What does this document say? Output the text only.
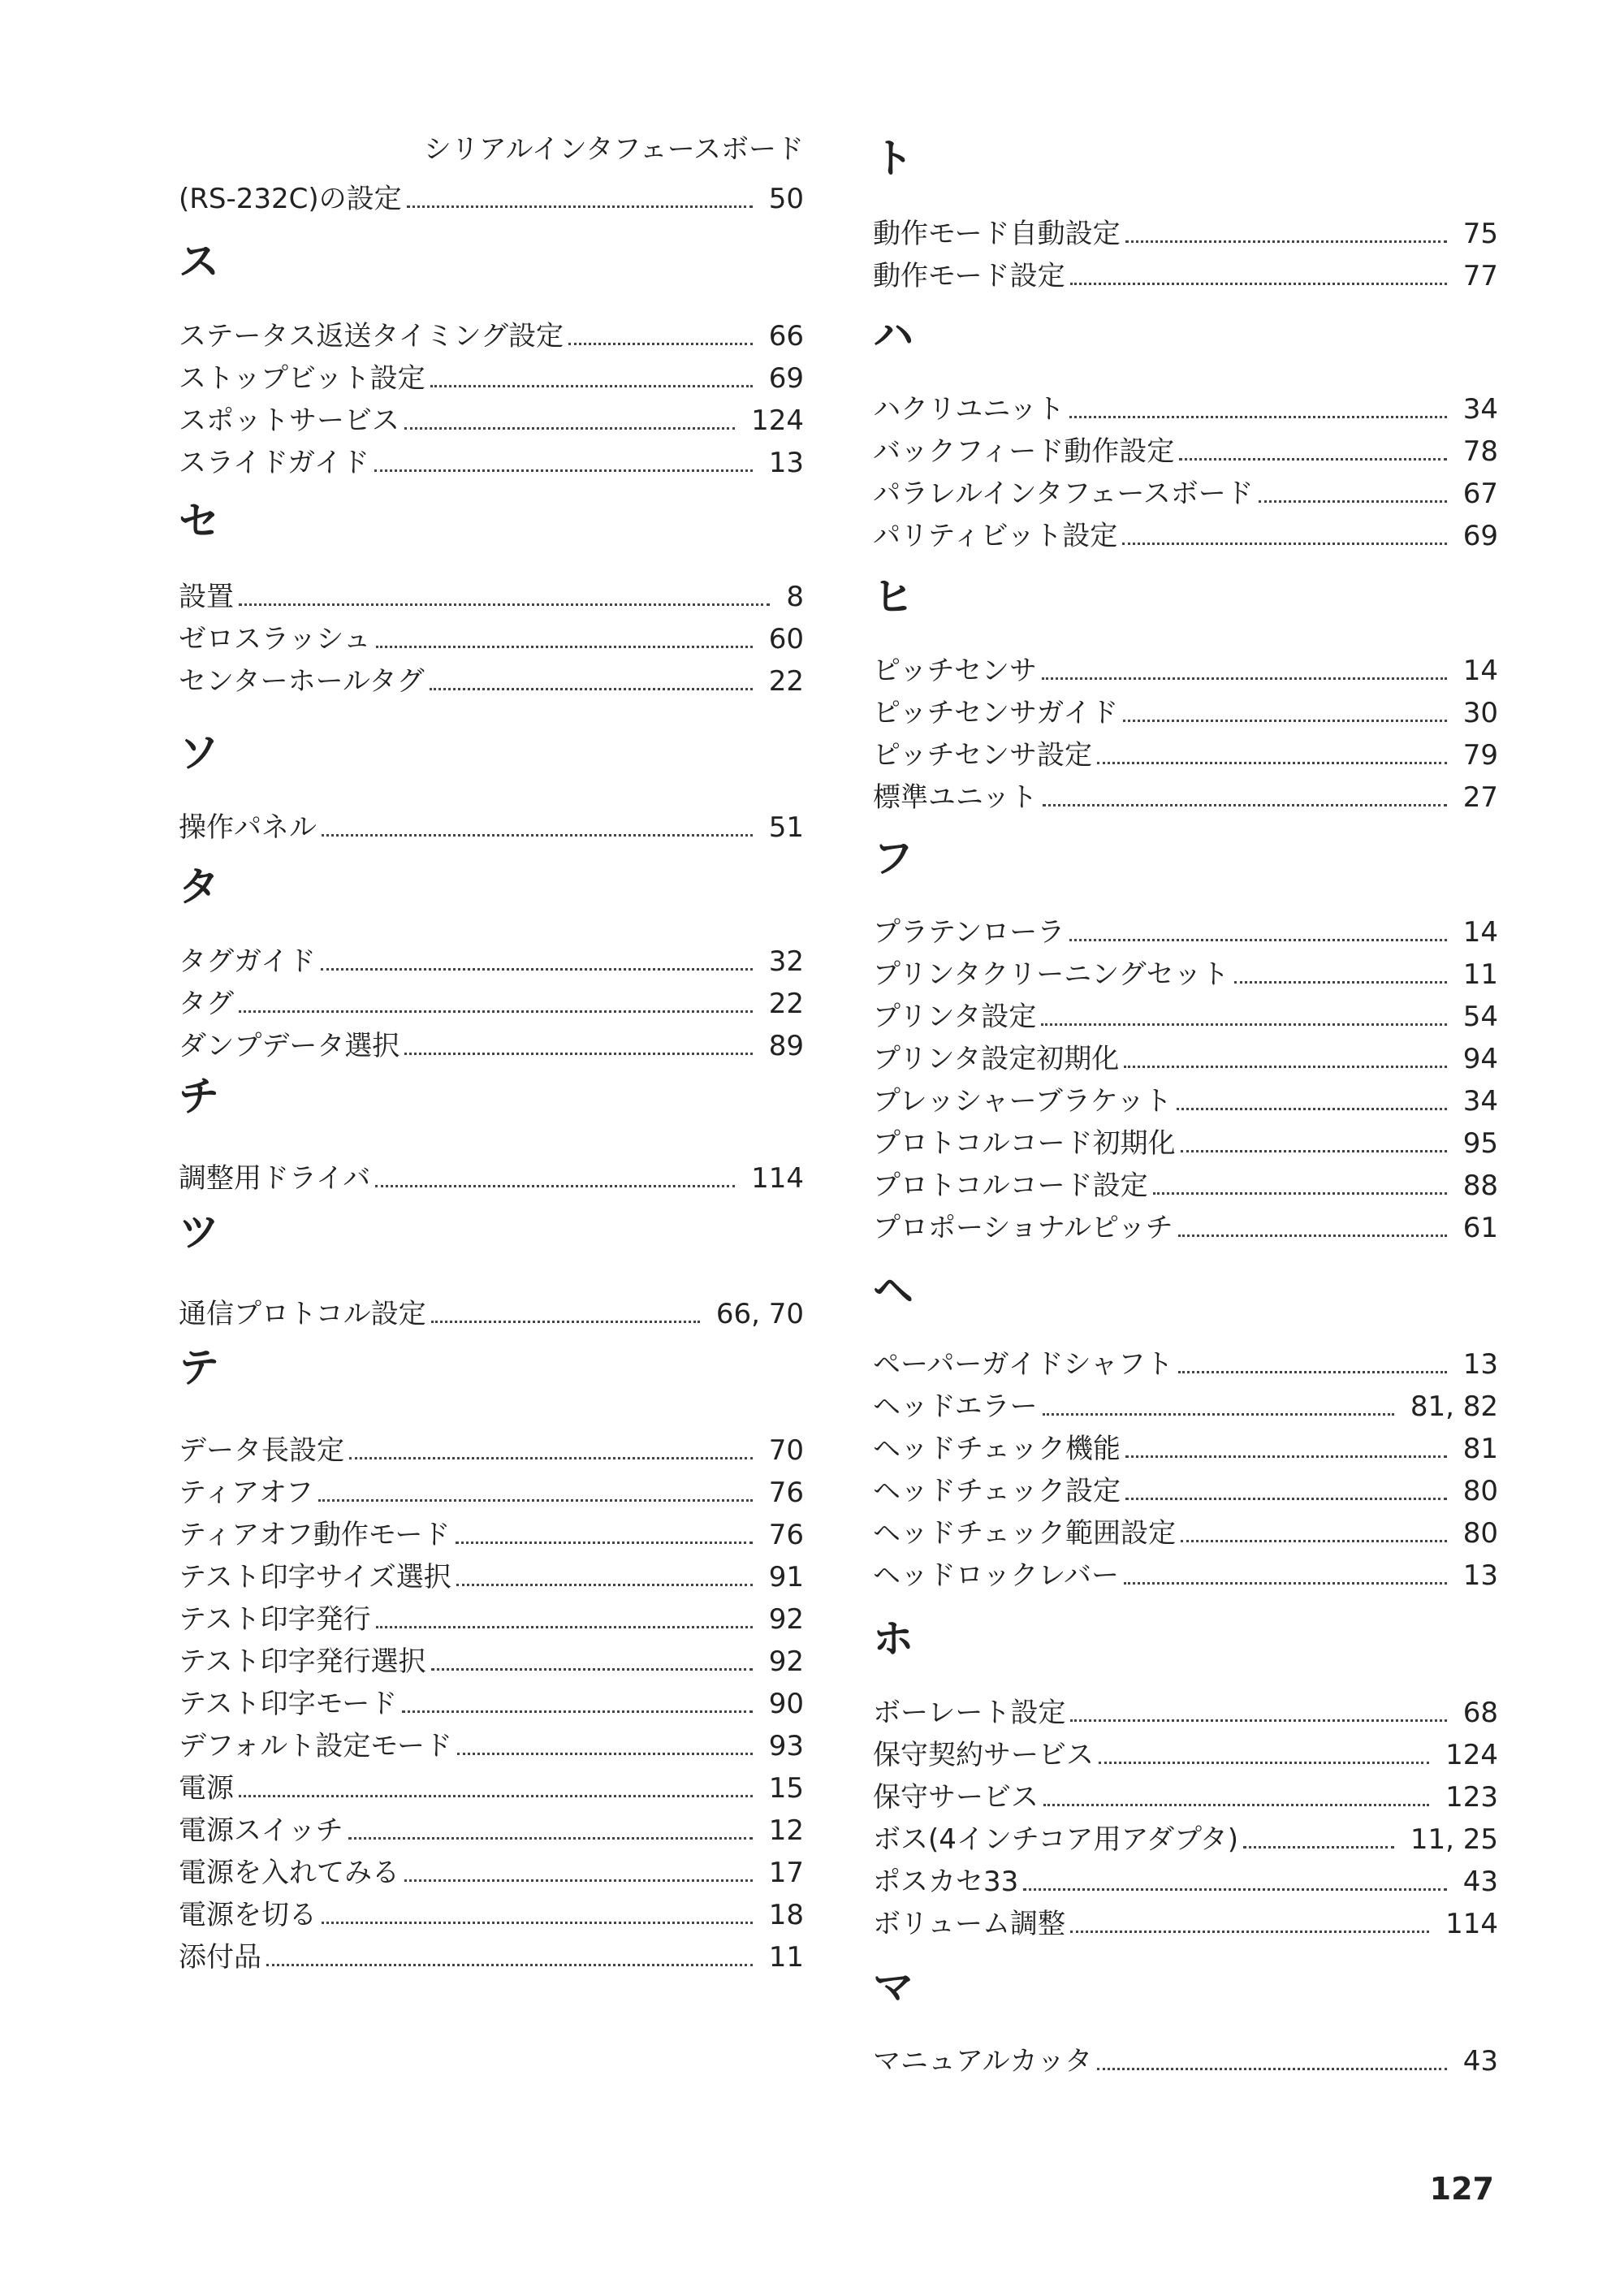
シリアルインタフェースボード
(RS-232C)の設定	50
ス
ステータス返送タイミング設定	66
ストップビット設定	69
スポットサービス	124
スライドガイド	13
セ
設置	8
ゼロスラッシュ	60
センターホールタグ	22
ソ
操作パネル	51
タ
タグガイド	32
タグ	22
ダンプデータ選択	89
チ
調整用ドライバ	114
ツ
通信プロトコル設定	66, 70
テ
データ長設定	70
ティアオフ	76
ティアオフ動作モード	76
テスト印字サイズ選択	91
テスト印字発行	92
テスト印字発行選択	92
テスト印字モード	90
デフォルト設定モード	93
電源	15
電源スイッチ	12
電源を入れてみる	17
電源を切る	18
添付品	11
ト
動作モード自動設定	75
動作モード設定	77
ハ
ハクリユニット	34
バックフィード動作設定	78
パラレルインタフェースボード	67
パリティビット設定	69
ヒ
ピッチセンサ	14
ピッチセンサガイド	30
ピッチセンサ設定	79
標準ユニット	27
フ
プラテンローラ	14
プリンタクリーニングセット	11
プリンタ設定	54
プリンタ設定初期化	94
プレッシャーブラケット	34
プロトコルコード初期化	95
プロトコルコード設定	88
プロポーショナルピッチ	61
ヘ
ペーパーガイドシャフト	13
ヘッドエラー	81, 82
ヘッドチェック機能	81
ヘッドチェック設定	80
ヘッドチェック範囲設定	80
ヘッドロックレバー	13
ホ
ボーレート設定	68
保守契約サービス	124
保守サービス	123
ボス(4インチコア用アダプタ)	11, 25
ポスカセ33	43
ボリューム調整	114
マ
マニュアルカッタ	43
127
